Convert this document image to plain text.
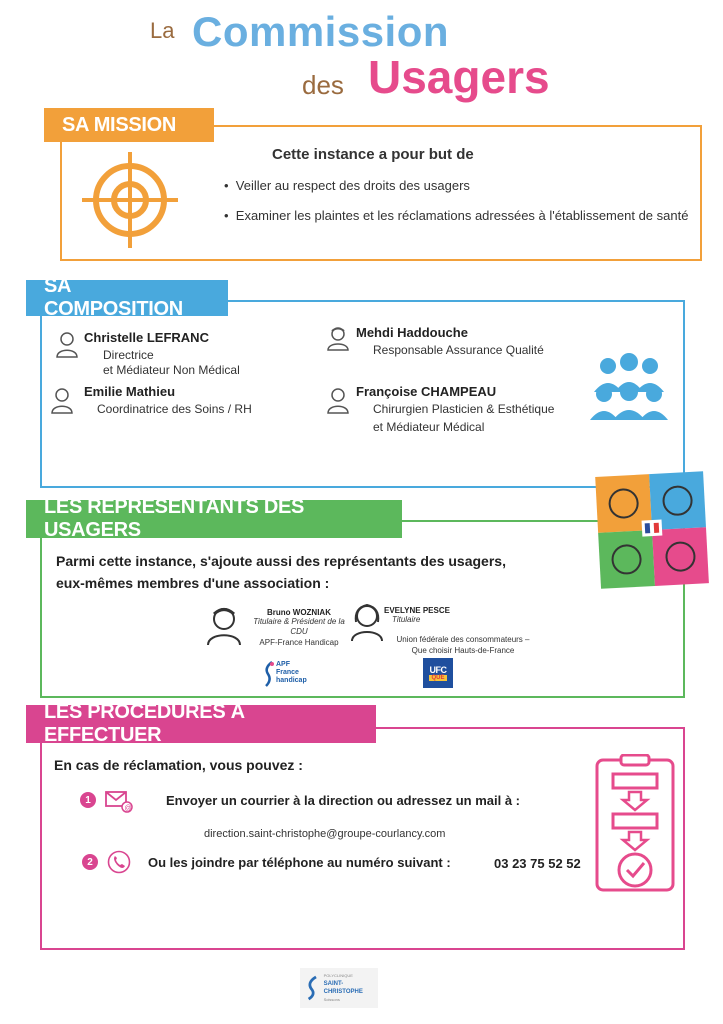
La Commission
des Usagers
SA MISSION
Cette instance a pour but de
•  Veiller au respect des droits des usagers
•  Examiner les plaintes et les réclamations adressées à l'établissement de santé
SA COMPOSITION
Christelle LEFRANC
Directrice
et Médiateur Non Médical
Mehdi Haddouche
Responsable Assurance Qualité
Emilie Mathieu
Coordinatrice des Soins / RH
Françoise CHAMPEAU
Chirurgien Plasticien & Esthétique
et Médiateur Médical
LES REPRÉSENTANTS DES USAGERS
Parmi cette instance, s'ajoute aussi des représentants des usagers,
eux-mêmes membres d'une association :
Bruno WOZNIAK
Titulaire & Président de la
CDU
APF-France Handicap
EVELYNE PESCE
Titulaire
Union fédérale des consommateurs –
Que choisir Hauts-de-France
APF
France
handicap
UFC
QUE
LES PROCÉDURES À EFFECTUER
En cas de réclamation, vous pouvez :
1
@
Envoyer un courrier à la direction ou adressez un mail à :
direction.saint-christophe@groupe-courlancy.com
2	Ou les joindre par téléphone au numéro suivant :	03 23 75 52 52
POLYCLINIQUE
SAINT-CHRISTOPHE
Soissons
